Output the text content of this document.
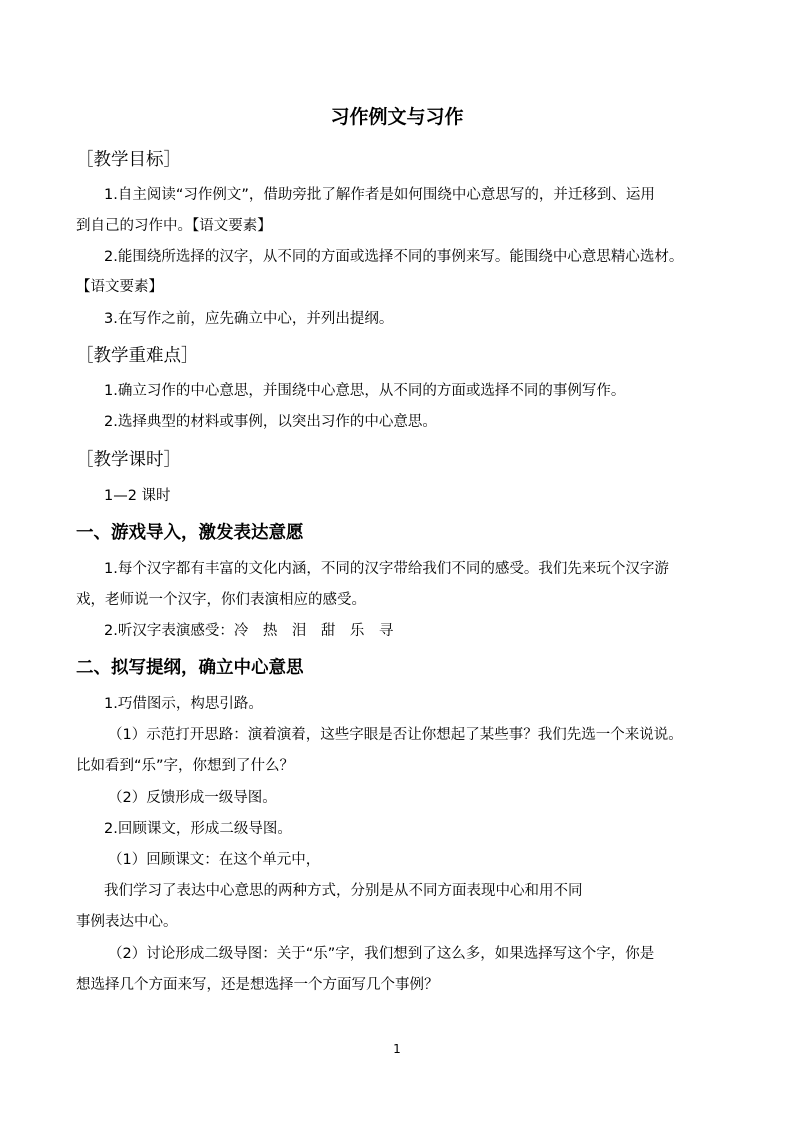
习作例文与习作
［教学目标］
1.自主阅读“习作例文”，借助旁批了解作者是如何围绕中心意思写的，并迁移到、运用
到自己的习作中。【语文要素】
2.能围绕所选择的汉字，从不同的方面或选择不同的事例来写。能围绕中心意思精心选材。
【语文要素】
3.在写作之前，应先确立中心，并列出提纲。
［教学重难点］
1.确立习作的中心意思，并围绕中心意思，从不同的方面或选择不同的事例写作。
2.选择典型的材料或事例，以突出习作的中心意思。
［教学课时］
1—2 课时
一、游戏导入，激发表达意愿
1.每个汉字都有丰富的文化内涵，不同的汉字带给我们不同的感受。我们先来玩个汉字游
戏，老师说一个汉字，你们表演相应的感受。
2.听汉字表演感受：冷　热　泪　甜　乐　寻
二、拟写提纲，确立中心意思
1.巧借图示，构思引路。
（1）示范打开思路：演着演着，这些字眼是否让你想起了某些事？我们先选一个来说说。
比如看到“乐”字，你想到了什么？
（2）反馈形成一级导图。
2.回顾课文，形成二级导图。
（1）回顾课文：在这个单元中，
我们学习了表达中心意思的两种方式，分别是从不同方面表现中心和用不同
事例表达中心。
（2）讨论形成二级导图：关于“乐”字，我们想到了这么多，如果选择写这个字，你是
想选择几个方面来写，还是想选择一个方面写几个事例？
1
